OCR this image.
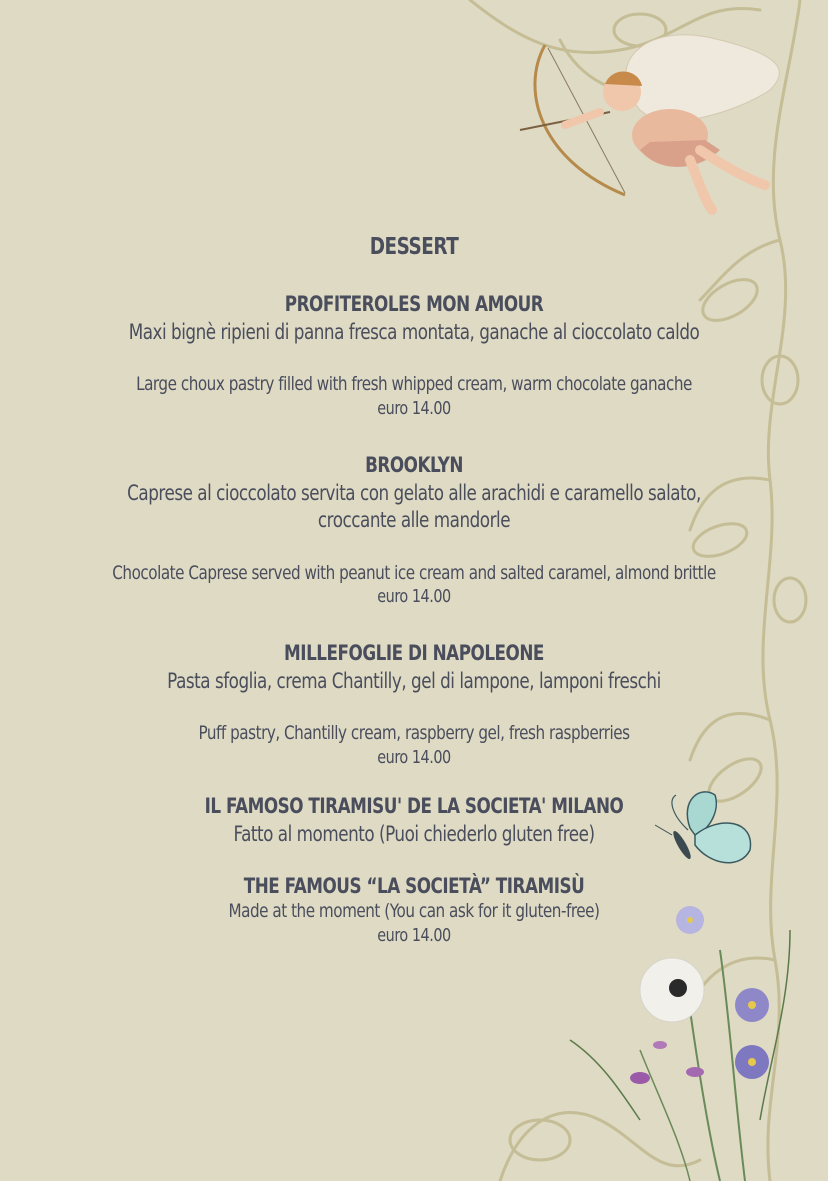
DESSERT
PROFITEROLES MON AMOUR
Maxi bignè ripieni di panna fresca montata, ganache al cioccolato caldo
Large choux pastry filled with fresh whipped cream, warm chocolate ganache
euro 14.00
BROOKLYN
Caprese al cioccolato servita con gelato alle arachidi e caramello salato,
croccante alle mandorle
Chocolate Caprese served with peanut ice cream and salted caramel, almond brittle
euro 14.00
MILLEFOGLIE DI NAPOLEONE
Pasta sfoglia, crema Chantilly, gel di lampone, lamponi freschi
Puff pastry, Chantilly cream, raspberry gel, fresh raspberries
euro 14.00
IL FAMOSO TIRAMISU' DE LA SOCIETA' MILANO
Fatto al momento (Puoi chiederlo gluten free)
THE FAMOUS “LA SOCIETÀ” TIRAMISÙ
Made at the moment (You can ask for it gluten-free)
euro 14.00
